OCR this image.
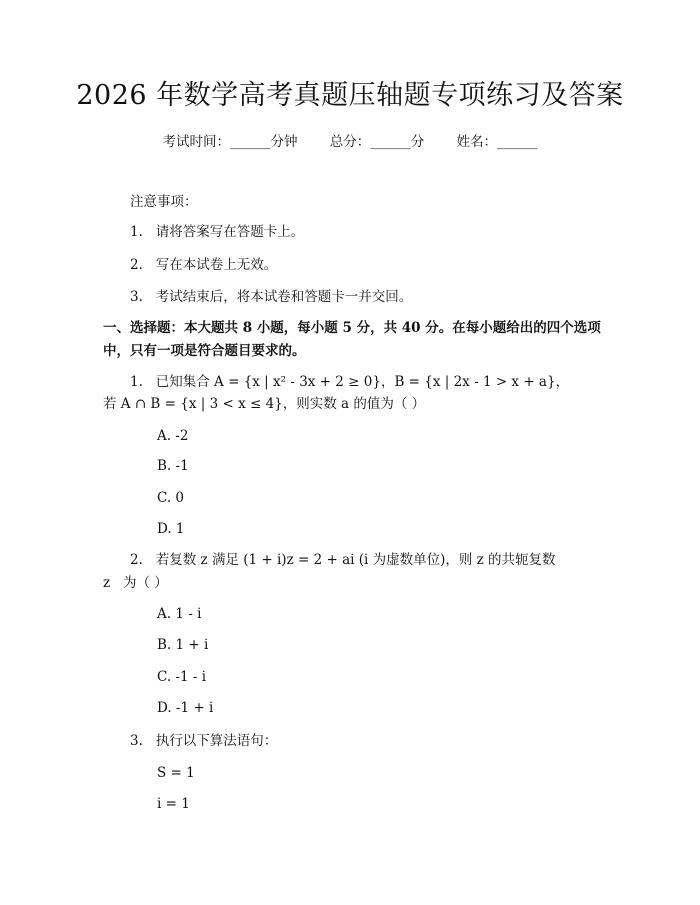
2026 年数学高考真题压轴题专项练习及答案
考试时间：______分钟 总分：______分 姓名：______
注意事项：
1.   请将答案写在答题卡上。
2.   写在本试卷上无效。
3.   考试结束后，将本试卷和答题卡一并交回。
一、选择题：本大题共 8 小题，每小题 5 分，共 40 分。在每小题给出的四个选项
中，只有一项是符合题目要求的。
1.   已知集合 A = {x | x² - 3x + 2 ≥ 0}，B = {x | 2x - 1 > x + a}，
若 A ∩ B = {x | 3 < x ≤ 4}，则实数 a 的值为（ ）
A. -2
B. -1
C. 0
D. 1
2.   若复数 z 满足 (1 + i)z = 2 + ai (i 为虚数单位)，则 z 的共轭复数
z   为（ ）
A. 1 - i
B. 1 + i
C. -1 - i
D. -1 + i
3.   执行以下算法语句：
S = 1
i = 1
